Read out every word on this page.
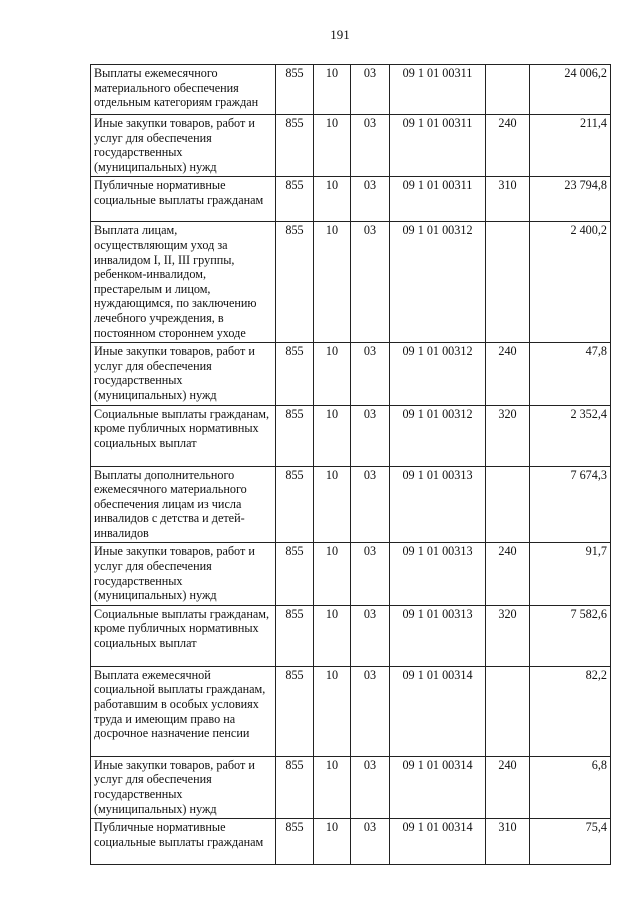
191
Выплаты ежемесячного материального обеспечения отдельным категориям граждан	855	10	03	09 1 01 00311		24 006,2
Иные закупки товаров, работ и услуг для обеспечения государственных (муниципальных) нужд	855	10	03	09 1 01 00311	240	211,4
Публичные нормативные социальные выплаты гражданам	855	10	03	09 1 01 00311	310	23 794,8
Выплата лицам, осуществляющим уход за инвалидом I, II, III группы, ребенком-инвалидом, престарелым и лицом, нуждающимся, по заключению лечебного учреждения, в постоянном стороннем уходе	855	10	03	09 1 01 00312		2 400,2
Иные закупки товаров, работ и услуг для обеспечения государственных (муниципальных) нужд	855	10	03	09 1 01 00312	240	47,8
Социальные выплаты гражданам, кроме публичных нормативных социальных выплат	855	10	03	09 1 01 00312	320	2 352,4
Выплаты дополнительного ежемесячного материального обеспечения лицам из числа инвалидов с детства и детей-инвалидов	855	10	03	09 1 01 00313		7 674,3
Иные закупки товаров, работ и услуг для обеспечения государственных (муниципальных) нужд	855	10	03	09 1 01 00313	240	91,7
Социальные выплаты гражданам, кроме публичных нормативных социальных выплат	855	10	03	09 1 01 00313	320	7 582,6
Выплата ежемесячной социальной выплаты гражданам, работавшим в особых условиях труда и имеющим право на досрочное назначение пенсии	855	10	03	09 1 01 00314		82,2
Иные закупки товаров, работ и услуг для обеспечения государственных (муниципальных) нужд	855	10	03	09 1 01 00314	240	6,8
Публичные нормативные социальные выплаты гражданам	855	10	03	09 1 01 00314	310	75,4
